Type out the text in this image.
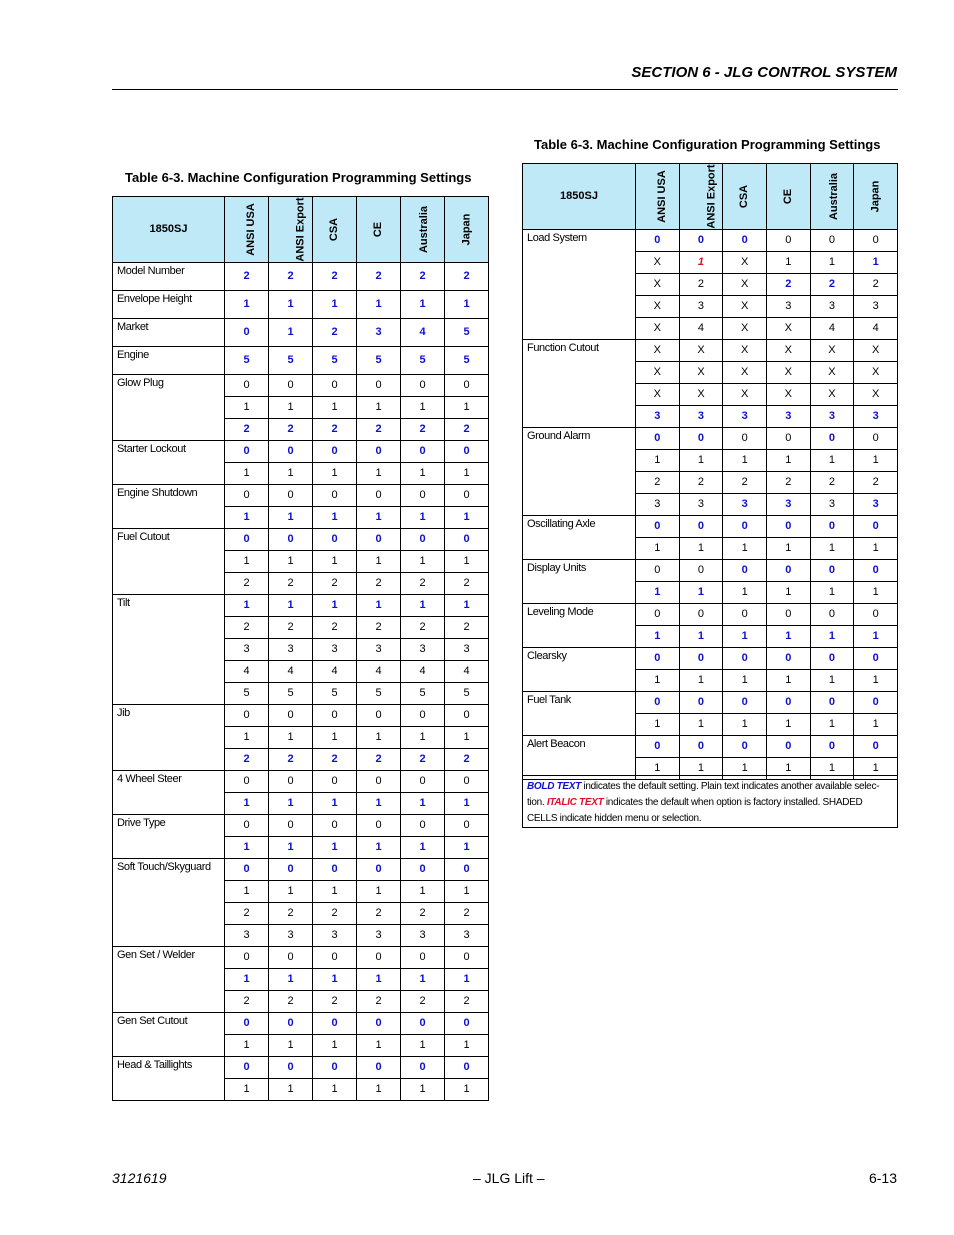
SECTION 6 - JLG CONTROL SYSTEM
Table 6-3. Machine Configuration Programming Settings
1850SJ	ANSI USA	ANSI Export	CSA	CE	Australia	Japan
Model Number	2	2	2	2	2	2
Envelope Height	1	1	1	1	1	1
Market	0	1	2	3	4	5
Engine	5	5	5	5	5	5
Glow Plug	0	0	0	0	0	0
	1	1	1	1	1	1
	2	2	2	2	2	2
Starter Lockout	0	0	0	0	0	0
	1	1	1	1	1	1
Engine Shutdown	0	0	0	0	0	0
	1	1	1	1	1	1
Fuel Cutout	0	0	0	0	0	0
	1	1	1	1	1	1
	2	2	2	2	2	2
Tilt	1	1	1	1	1	1
	2	2	2	2	2	2
	3	3	3	3	3	3
	4	4	4	4	4	4
	5	5	5	5	5	5
Jib	0	0	0	0	0	0
	1	1	1	1	1	1
	2	2	2	2	2	2
4 Wheel Steer	0	0	0	0	0	0
	1	1	1	1	1	1
Drive Type	0	0	0	0	0	0
	1	1	1	1	1	1
Soft Touch/Skyguard	0	0	0	0	0	0
	1	1	1	1	1	1
	2	2	2	2	2	2
	3	3	3	3	3	3
Gen Set / Welder	0	0	0	0	0	0
	1	1	1	1	1	1
	2	2	2	2	2	2
Gen Set Cutout	0	0	0	0	0	0
	1	1	1	1	1	1
Head & Taillights	0	0	0	0	0	0
	1	1	1	1	1	1
Table 6-3. Machine Configuration Programming Settings
1850SJ	ANSI USA	ANSI Export	CSA	CE	Australia	Japan
Load System	0	0	0	0	0	0
	X	1	X	1	1	1
	X	2	X	2	2	2
	X	3	X	3	3	3
	X	4	X	X	4	4
Function Cutout	X	X	X	X	X	X
	X	X	X	X	X	X
	X	X	X	X	X	X
	3	3	3	3	3	3
Ground Alarm	0	0	0	0	0	0
	1	1	1	1	1	1
	2	2	2	2	2	2
	3	3	3	3	3	3
Oscillating Axle	0	0	0	0	0	0
	1	1	1	1	1	1
Display Units	0	0	0	0	0	0
	1	1	1	1	1	1
Leveling Mode	0	0	0	0	0	0
	1	1	1	1	1	1
Clearsky	0	0	0	0	0	0
	1	1	1	1	1	1
Fuel Tank	0	0	0	0	0	0
	1	1	1	1	1	1
Alert Beacon	0	0	0	0	0	0
	1	1	1	1	1	1
BOLD TEXT indicates the default setting. Plain text indicates another available selec-tion. ITALIC TEXT indicates the default when option is factory installed. SHADED CELLS indicate hidden menu or selection.
3121619	– JLG Lift –	6-13
